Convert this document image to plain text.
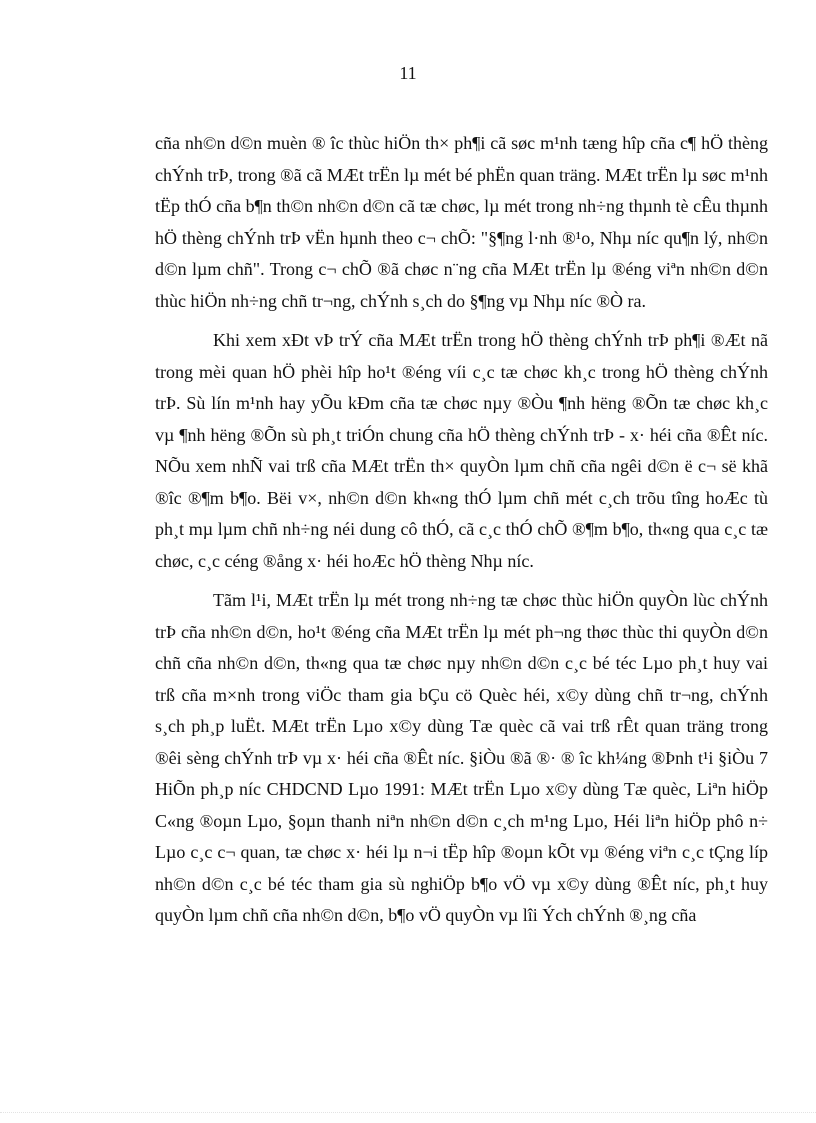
11

cña nh©n d©n muèn ® îc thùc hiÖn th× ph¶i cã søc m¹nh tæng hîp cña c¶ hÖ thèng chÝnh trÞ, trong ®ã cã MÆt trËn lµ mét bé phËn quan träng. MÆt trËn lµ søc m¹nh tËp thÓ cña b¶n th©n nh©n d©n cã tæ chøc, lµ mét trong nh÷ng thµnh tè cÊu thµnh hÖ thèng chÝnh trÞ vËn hµnh theo c¬ chÕ: "§¶ng l·nh ®¹o, Nhµ níc qu¶n lý, nh©n d©n lµm chñ". Trong c¬ chÕ ®ã chøc n¨ng cña MÆt trËn lµ ®éng viªn nh©n d©n thùc hiÖn nh÷ng chñ tr¬ng, chÝnh s¸ch do §¶ng vµ Nhµ níc ®Ò ra.

Khi xem xÐt vÞ trÝ cña MÆt trËn trong hÖ thèng chÝnh trÞ ph¶i ®Æt nã trong mèi quan hÖ phèi hîp ho¹t ®éng víi c¸c tæ chøc kh¸c trong hÖ thèng chÝnh trÞ. Sù lín m¹nh hay yÕu kÐm cña tæ chøc nµy ®Òu ¶nh hëng ®Õn tæ chøc kh¸c vµ ¶nh hëng ®Õn sù ph¸t triÓn chung cña hÖ thèng chÝnh trÞ - x· héi cña ®Êt níc. NÕu xem nhÑ vai trß cña MÆt trËn th× quyÒn lµm chñ cña ngêi d©n ë c¬ së khã ®îc ®¶m b¶o. Bëi v×, nh©n d©n kh«ng thÓ lµm chñ mét c¸ch trõu tîng hoÆc tù ph¸t mµ lµm chñ nh÷ng néi dung cô thÓ, cã c¸c thÓ chÕ ®¶m b¶o, th«ng qua c¸c tæ chøc, c¸c céng ®ång x· héi hoÆc hÖ thèng Nhµ níc.

Tãm l¹i, MÆt trËn lµ mét trong nh÷ng tæ chøc thùc hiÖn quyÒn lùc chÝnh trÞ cña nh©n d©n, ho¹t ®éng cña MÆt trËn lµ mét ph¬ng thøc thùc thi quyÒn d©n chñ cña nh©n d©n, th«ng qua tæ chøc nµy nh©n d©n c¸c bé téc Lµo ph¸t huy vai trß cña m×nh trong viÖc tham gia bÇu cö Quèc héi, x©y dùng chñ tr¬ng, chÝnh s¸ch ph¸p luËt. MÆt trËn Lµo x©y dùng Tæ quèc cã vai trß rÊt quan träng trong ®êi sèng chÝnh trÞ vµ x· héi cña ®Êt níc. §iÒu ®ã ®· ® îc kh¼ng ®Þnh t¹i §iÒu 7 HiÕn ph¸p níc CHDCND Lµo 1991: MÆt trËn Lµo x©y dùng Tæ quèc, Liªn hiÖp C«ng ®oµn Lµo, §oµn thanh niªn nh©n d©n c¸ch m¹ng Lµo, Héi liªn hiÖp phô n÷ Lµo c¸c c¬ quan, tæ chøc x· héi lµ n¬i tËp hîp ®oµn kÕt vµ ®éng viªn c¸c tÇng líp nh©n d©n c¸c bé téc tham gia sù nghiÖp b¶o vÖ vµ x©y dùng ®Êt níc, ph¸t huy quyÒn lµm chñ cña nh©n d©n, b¶o vÖ quyÒn vµ lîi Ých chÝnh ®¸ng cña
